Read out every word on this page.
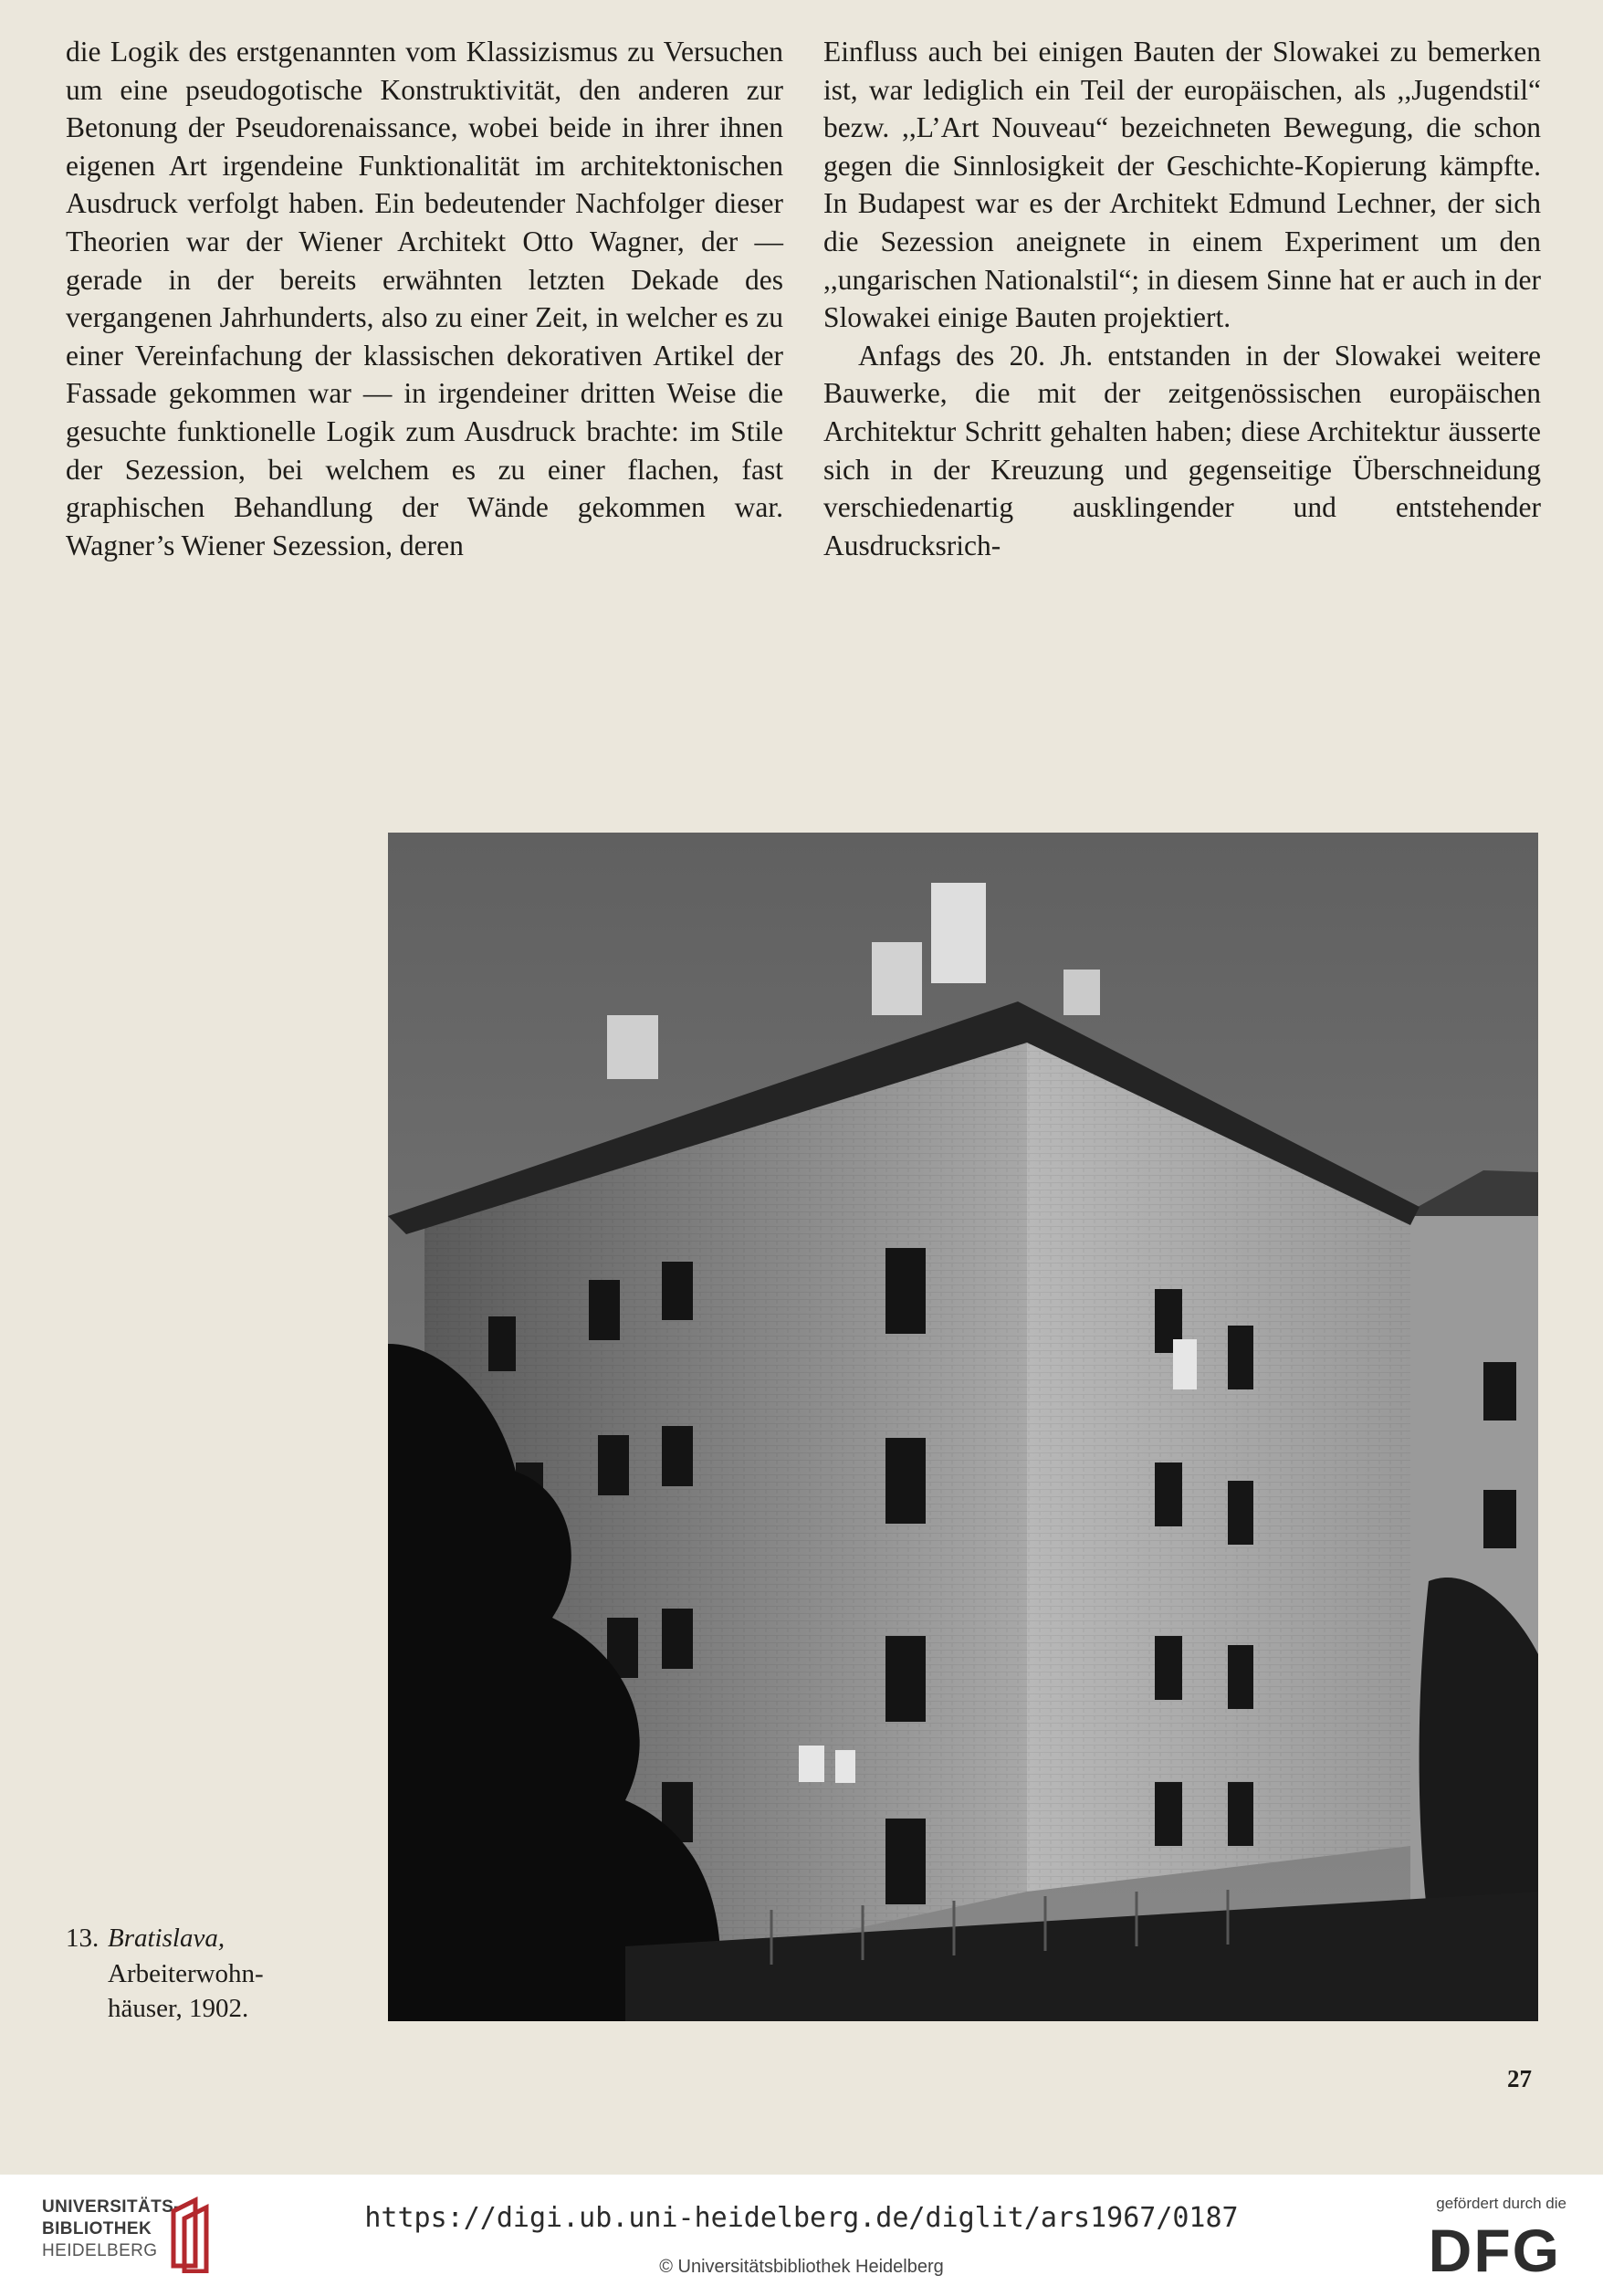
die Logik des erstgenannten vom Klassizismus zu Versuchen um eine pseudogotische Konstruktivität, den anderen zur Betonung der Pseudorenaissance, wobei beide in ihrer ihnen eigenen Art irgendeine Funktionalität im architektonischen Ausdruck verfolgt haben. Ein bedeutender Nachfolger dieser Theorien war der Wiener Architekt Otto Wagner, der — gerade in der bereits erwähnten letzten Dekade des vergangenen Jahrhunderts, also zu einer Zeit, in welcher es zu einer Vereinfachung der klassischen dekorativen Artikel der Fassade gekommen war — in irgendeiner dritten Weise die gesuchte funktionelle Logik zum Ausdruck brachte: im Stile der Sezession, bei welchem es zu einer flachen, fast graphischen Behandlung der Wände gekommen war. Wagner’s Wiener Sezession, deren

Einfluss auch bei einigen Bauten der Slowakei zu bemerken ist, war lediglich ein Teil der europäischen, als ,,Jugendstil“ bezw. ,,L’Art Nouveau“ bezeichneten Bewegung, die schon gegen die Sinnlosigkeit der Geschichte-Kopierung kämpfte. In Budapest war es der Architekt Edmund Lechner, der sich die Sezession aneignete in einem Experiment um den ,,ungarischen Nationalstil“; in diesem Sinne hat er auch in der Slowakei einige Bauten projektiert.

Anfags des 20. Jh. entstanden in der Slowakei weitere Bauwerke, die mit der zeitgenössischen europäischen Architektur Schritt gehalten haben; diese Architektur äusserte sich in der Kreuzung und gegenseitige Überschneidung verschiedenartig ausklingender und entstehender Ausdrucksrich-

13. Bratislava,
Arbeiterwohn-
häuser, 1902.
27
UNIVERSITÄTS-
BIBLIOTHEK
HEIDELBERG
https://digi.ub.uni-heidelberg.de/diglit/ars1967/0187
© Universitätsbibliothek Heidelberg
gefördert durch die
DFG
